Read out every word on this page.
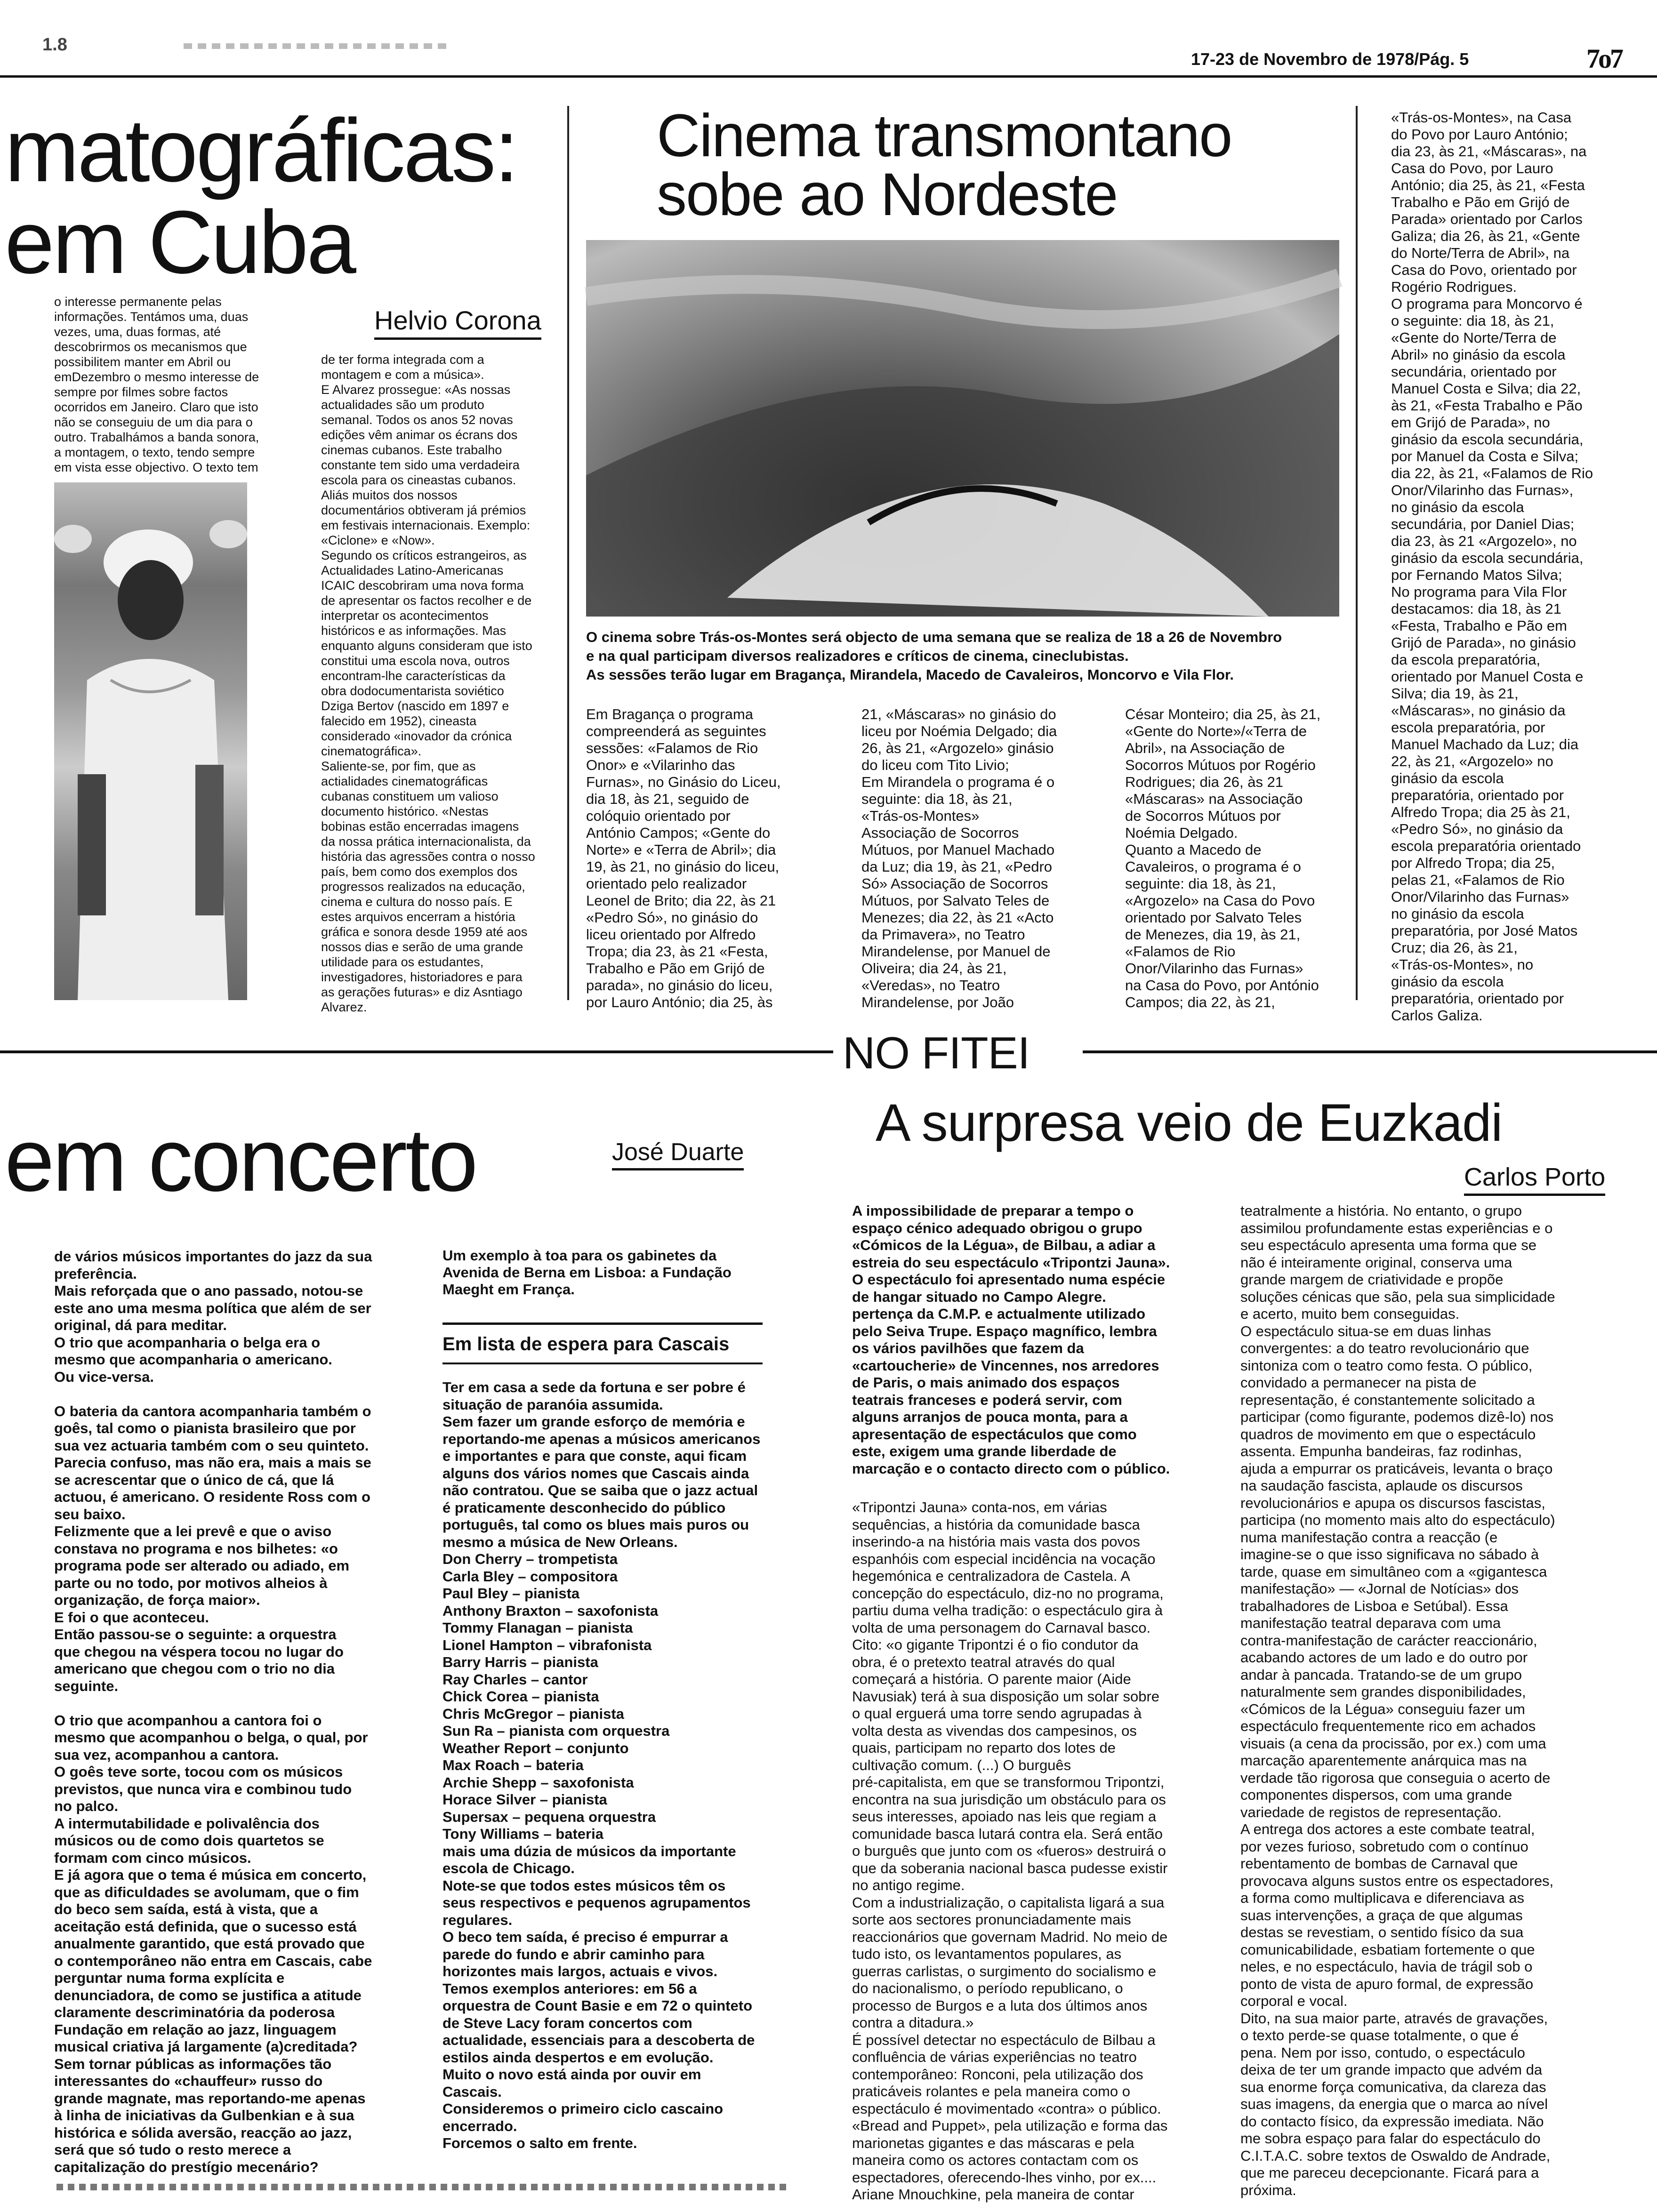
1.8
17-23 de Novembro de 1978/Pág. 5	7o7
matográficas:
em Cuba
Helvio Corona
o interesse permanente pelas
informações. Tentámos uma, duas
vezes, uma, duas formas, até
descobrirmos os mecanismos que
possibilitem manter em Abril ou
emDezembro o mesmo interesse de
sempre por filmes sobre factos
ocorridos em Janeiro. Claro que isto
não se conseguiu de um dia para o
outro. Trabalhámos a banda sonora,
a montagem, o texto, tendo sempre
em vista esse objectivo. O texto tem
de ter forma integrada com a
montagem e com a música».
E Alvarez prossegue: «As nossas
actualidades são um produto
semanal. Todos os anos 52 novas
edições vêm animar os écrans dos
cinemas cubanos. Este trabalho
constante tem sido uma verdadeira
escola para os cineastas cubanos.
Aliás muitos dos nossos
documentários obtiveram já prémios
em festivais internacionais. Exemplo:
«Ciclone» e «Now».
Segundo os críticos estrangeiros, as
Actualidades Latino-Americanas
ICAIC descobriram uma nova forma
de apresentar os factos recolher e de
interpretar os acontecimentos
históricos e as informações. Mas
enquanto alguns consideram que isto
constitui uma escola nova, outros
encontram-lhe características da
obra dodocumentarista soviético
Dziga Bertov (nascido em 1897 e
falecido em 1952), cineasta
considerado «inovador da crónica
cinematográfica».
Saliente-se, por fim, que as
actialidades cinematográficas
cubanas constituem um valioso
documento histórico. «Nestas
bobinas estão encerradas imagens
da nossa prática internacionalista, da
história das agressões contra o nosso
país, bem como dos exemplos dos
progressos realizados na educação,
cinema e cultura do nosso país. E
estes arquivos encerram a história
gráfica e sonora desde 1959 até aos
nossos dias e serão de uma grande
utilidade para os estudantes,
investigadores, historiadores e para
as gerações futuras» e diz Asntiago
Alvarez.
Cinema transmontano
sobe ao Nordeste
O cinema sobre Trás-os-Montes será objecto de uma semana que se realiza de 18 a 26 de Novembro
e na qual participam diversos realizadores e críticos de cinema, cineclubistas.
As sessões terão lugar em Bragança, Mirandela, Macedo de Cavaleiros, Moncorvo e Vila Flor.
Em Bragança o programa
compreenderá as seguintes
sessões: «Falamos de Rio
Onor» e «Vilarinho das
Furnas», no Ginásio do Liceu,
dia 18, às 21, seguido de
colóquio orientado por
António Campos; «Gente do
Norte» e «Terra de Abril»; dia
19, às 21, no ginásio do liceu,
orientado pelo realizador
Leonel de Brito; dia 22, às 21
«Pedro Só», no ginásio do
liceu orientado por Alfredo
Tropa; dia 23, às 21 «Festa,
Trabalho e Pão em Grijó de
parada», no ginásio do liceu,
por Lauro António; dia 25, às
21, «Máscaras» no ginásio do
liceu por Noémia Delgado; dia
26, às 21, «Argozelo» ginásio
do liceu com Tito Livio;
Em Mirandela o programa é o
seguinte: dia 18, às 21,
«Trás-os-Montes»
Associação de Socorros
Mútuos, por Manuel Machado
da Luz; dia 19, às 21, «Pedro
Só» Associação de Socorros
Mútuos, por Salvato Teles de
Menezes; dia 22, às 21 «Acto
da Primavera», no Teatro
Mirandelense, por Manuel de
Oliveira; dia 24, às 21,
«Veredas», no Teatro
Mirandelense, por João
César Monteiro; dia 25, às 21,
«Gente do Norte»/«Terra de
Abril», na Associação de
Socorros Mútuos por Rogério
Rodrigues; dia 26, às 21
«Máscaras» na Associação
de Socorros Mútuos por
Noémia Delgado.
Quanto a Macedo de
Cavaleiros, o programa é o
seguinte: dia 18, às 21,
«Argozelo» na Casa do Povo
orientado por Salvato Teles
de Menezes, dia 19, às 21,
«Falamos de Rio
Onor/Vilarinho das Furnas»
na Casa do Povo, por António
Campos; dia 22, às 21,
«Trás-os-Montes», na Casa
do Povo por Lauro António;
dia 23, às 21, «Máscaras», na
Casa do Povo, por Lauro
António; dia 25, às 21, «Festa
Trabalho e Pão em Grijó de
Parada» orientado por Carlos
Galiza; dia 26, às 21, «Gente
do Norte/Terra de Abril», na
Casa do Povo, orientado por
Rogério Rodrigues.
O programa para Moncorvo é
o seguinte: dia 18, às 21,
«Gente do Norte/Terra de
Abril» no ginásio da escola
secundária, orientado por
Manuel Costa e Silva; dia 22,
às 21, «Festa Trabalho e Pão
em Grijó de Parada», no
ginásio da escola secundária,
por Manuel da Costa e Silva;
dia 22, às 21, «Falamos de Rio
Onor/Vilarinho das Furnas»,
no ginásio da escola
secundária, por Daniel Dias;
dia 23, às 21 «Argozelo», no
ginásio da escola secundária,
por Fernando Matos Silva;
No programa para Vila Flor
destacamos: dia 18, às 21
«Festa, Trabalho e Pão em
Grijó de Parada», no ginásio
da escola preparatória,
orientado por Manuel Costa e
Silva; dia 19, às 21,
«Máscaras», no ginásio da
escola preparatória, por
Manuel Machado da Luz; dia
22, às 21, «Argozelo» no
ginásio da escola
preparatória, orientado por
Alfredo Tropa; dia 25 às 21,
«Pedro Só», no ginásio da
escola preparatória orientado
por Alfredo Tropa; dia 25,
pelas 21, «Falamos de Rio
Onor/Vilarinho das Furnas»
no ginásio da escola
preparatória, por José Matos
Cruz; dia 26, às 21,
«Trás-os-Montes», no
ginásio da escola
preparatória, orientado por
Carlos Galiza.
NO FITEI
em concerto	José Duarte
de vários músicos importantes do jazz da sua
preferência.
Mais reforçada que o ano passado, notou-se
este ano uma mesma política que além de ser
original, dá para meditar.
O trio que acompanharia o belga era o
mesmo que acompanharia o americano.
Ou vice-versa.

O bateria da cantora acompanharia também o
goês, tal como o pianista brasileiro que por
sua vez actuaria também com o seu quinteto.
Parecia confuso, mas não era, mais a mais se
se acrescentar que o único de cá, que lá
actuou, é americano. O residente Ross com o
seu baixo.
Felizmente que a lei prevê e que o aviso
constava no programa e nos bilhetes: «o
programa pode ser alterado ou adiado, em
parte ou no todo, por motivos alheios à
organização, de força maior».
E foi o que aconteceu.
Então passou-se o seguinte: a orquestra
que chegou na véspera tocou no lugar do
americano que chegou com o trio no dia
seguinte.

O trio que acompanhou a cantora foi o
mesmo que acompanhou o belga, o qual, por
sua vez, acompanhou a cantora.
O goês teve sorte, tocou com os músicos
previstos, que nunca vira e combinou tudo
no palco.
A intermutabilidade e polivalência dos
músicos ou de como dois quartetos se
formam com cinco músicos.
E já agora que o tema é música em concerto,
que as dificuldades se avolumam, que o fim
do beco sem saída, está à vista, que a
aceitação está definida, que o sucesso está
anualmente garantido, que está provado que
o contemporâneo não entra em Cascais, cabe
perguntar numa forma explícita e
denunciadora, de como se justifica a atitude
claramente descriminatória da poderosa
Fundação em relação ao jazz, linguagem
musical criativa já largamente (a)creditada?
Sem tornar públicas as informações tão
interessantes do «chauffeur» russo do
grande magnate, mas reportando-me apenas
à linha de iniciativas da Gulbenkian e à sua
histórica e sólida aversão, reacção ao jazz,
será que só tudo o resto merece a
capitalização do prestígio mecenário?
Um exemplo à toa para os gabinetes da
Avenida de Berna em Lisboa: a Fundação
Maeght em França.
Em lista de espera para Cascais
Ter em casa a sede da fortuna e ser pobre é
situação de paranóia assumida.
Sem fazer um grande esforço de memória e
reportando-me apenas a músicos americanos
e importantes e para que conste, aqui ficam
alguns dos vários nomes que Cascais ainda
não contratou. Que se saiba que o jazz actual
é praticamente desconhecido do público
português, tal como os blues mais puros ou
mesmo a música de New Orleans.
Don Cherry – trompetista
Carla Bley – compositora
Paul Bley – pianista
Anthony Braxton – saxofonista
Tommy Flanagan – pianista
Lionel Hampton – vibrafonista
Barry Harris – pianista
Ray Charles – cantor
Chick Corea – pianista
Chris McGregor – pianista
Sun Ra – pianista com orquestra
Weather Report – conjunto
Max Roach – bateria
Archie Shepp – saxofonista
Horace Silver – pianista
Supersax – pequena orquestra
Tony Williams – bateria
mais uma dúzia de músicos da importante
escola de Chicago.
Note-se que todos estes músicos têm os
seus respectivos e pequenos agrupamentos
regulares.
O beco tem saída, é preciso é empurrar a
parede do fundo e abrir caminho para
horizontes mais largos, actuais e vivos.
Temos exemplos anteriores: em 56 a
orquestra de Count Basie e em 72 o quinteto
de Steve Lacy foram concertos com
actualidade, essenciais para a descoberta de
estilos ainda despertos e em evolução.
Muito o novo está ainda por ouvir em
Cascais.
Consideremos o primeiro ciclo cascaino
encerrado.
Forcemos o salto em frente.
A surpresa veio de Euzkadi
Carlos Porto
A impossibilidade de preparar a tempo o
espaço cénico adequado obrigou o grupo
«Cómicos de la Légua», de Bilbau, a adiar a
estreia do seu espectáculo «Tripontzi Jauna».
O espectáculo foi apresentado numa espécie
de hangar situado no Campo Alegre.
pertença da C.M.P. e actualmente utilizado
pelo Seiva Trupe. Espaço magnífico, lembra
os vários pavilhões que fazem da
«cartoucherie» de Vincennes, nos arredores
de Paris, o mais animado dos espaços
teatrais franceses e poderá servir, com
alguns arranjos de pouca monta, para a
apresentação de espectáculos que como
este, exigem uma grande liberdade de
marcação e o contacto directo com o público.
«Tripontzi Jauna» conta-nos, em várias
sequências, a história da comunidade basca
inserindo-a na história mais vasta dos povos
espanhóis com especial incidência na vocação
hegemónica e centralizadora de Castela. A
concepção do espectáculo, diz-no no programa,
partiu duma velha tradição: o espectáculo gira à
volta de uma personagem do Carnaval basco.
Cito: «o gigante Tripontzi é o fio condutor da
obra, é o pretexto teatral através do qual
começará a história. O parente maior (Aide
Navusiak) terá à sua disposição um solar sobre
o qual erguerá uma torre sendo agrupadas à
volta desta as vivendas dos campesinos, os
quais, participam no reparto dos lotes de
cultivação comum. (...) O burguês
pré-capitalista, em que se transformou Tripontzi,
encontra na sua jurisdição um obstáculo para os
seus interesses, apoiado nas leis que regiam a
comunidade basca lutará contra ela. Será então
o burguês que junto com os «fueros» destruirá o
que da soberania nacional basca pudesse existir
no antigo regime.
Com a industrialização, o capitalista ligará a sua
sorte aos sectores pronunciadamente mais
reaccionários que governam Madrid. No meio de
tudo isto, os levantamentos populares, as
guerras carlistas, o surgimento do socialismo e
do nacionalismo, o período republicano, o
processo de Burgos e a luta dos últimos anos
contra a ditadura.»
É possível detectar no espectáculo de Bilbau a
confluência de várias experiências no teatro
contemporâneo: Ronconi, pela utilização dos
praticáveis rolantes e pela maneira como o
espectáculo é movimentado «contra» o público.
«Bread and Puppet», pela utilização e forma das
marionetas gigantes e das máscaras e pela
maneira como os actores contactam com os
espectadores, oferecendo-lhes vinho, por ex....
Ariane Mnouchkine, pela maneira de contar
teatralmente a história. No entanto, o grupo
assimilou profundamente estas experiências e o
seu espectáculo apresenta uma forma que se
não é inteiramente original, conserva uma
grande margem de criatividade e propõe
soluções cénicas que são, pela sua simplicidade
e acerto, muito bem conseguidas.
O espectáculo situa-se em duas linhas
convergentes: a do teatro revolucionário que
sintoniza com o teatro como festa. O público,
convidado a permanecer na pista de
representação, é constantemente solicitado a
participar (como figurante, podemos dizê-lo) nos
quadros de movimento em que o espectáculo
assenta. Empunha bandeiras, faz rodinhas,
ajuda a empurrar os praticáveis, levanta o braço
na saudação fascista, aplaude os discursos
revolucionários e apupa os discursos fascistas,
participa (no momento mais alto do espectáculo)
numa manifestação contra a reacção (e
imagine-se o que isso significava no sábado à
tarde, quase em simultâneo com a «gigantesca
manifestação» — «Jornal de Notícias» dos
trabalhadores de Lisboa e Setúbal). Essa
manifestação teatral deparava com uma
contra-manifestação de carácter reaccionário,
acabando actores de um lado e do outro por
andar à pancada. Tratando-se de um grupo
naturalmente sem grandes disponibilidades,
«Cómicos de la Légua» conseguiu fazer um
espectáculo frequentemente rico em achados
visuais (a cena da procissão, por ex.) com uma
marcação aparentemente anárquica mas na
verdade tão rigorosa que conseguia o acerto de
componentes dispersos, com uma grande
variedade de registos de representação.
A entrega dos actores a este combate teatral,
por vezes furioso, sobretudo com o contínuo
rebentamento de bombas de Carnaval que
provocava alguns sustos entre os espectadores,
a forma como multiplicava e diferenciava as
suas intervenções, a graça de que algumas
destas se revestiam, o sentido físico da sua
comunicabilidade, esbatiam fortemente o que
neles, e no espectáculo, havia de trágil sob o
ponto de vista de apuro formal, de expressão
corporal e vocal.
Dito, na sua maior parte, através de gravações,
o texto perde-se quase totalmente, o que é
pena. Nem por isso, contudo, o espectáculo
deixa de ter um grande impacto que advém da
sua enorme força comunicativa, da clareza das
suas imagens, da energia que o marca ao nível
do contacto físico, da expressão imediata. Não
me sobra espaço para falar do espectáculo do
C.I.T.A.C. sobre textos de Oswaldo de Andrade,
que me pareceu decepcionante. Ficará para a
próxima.
